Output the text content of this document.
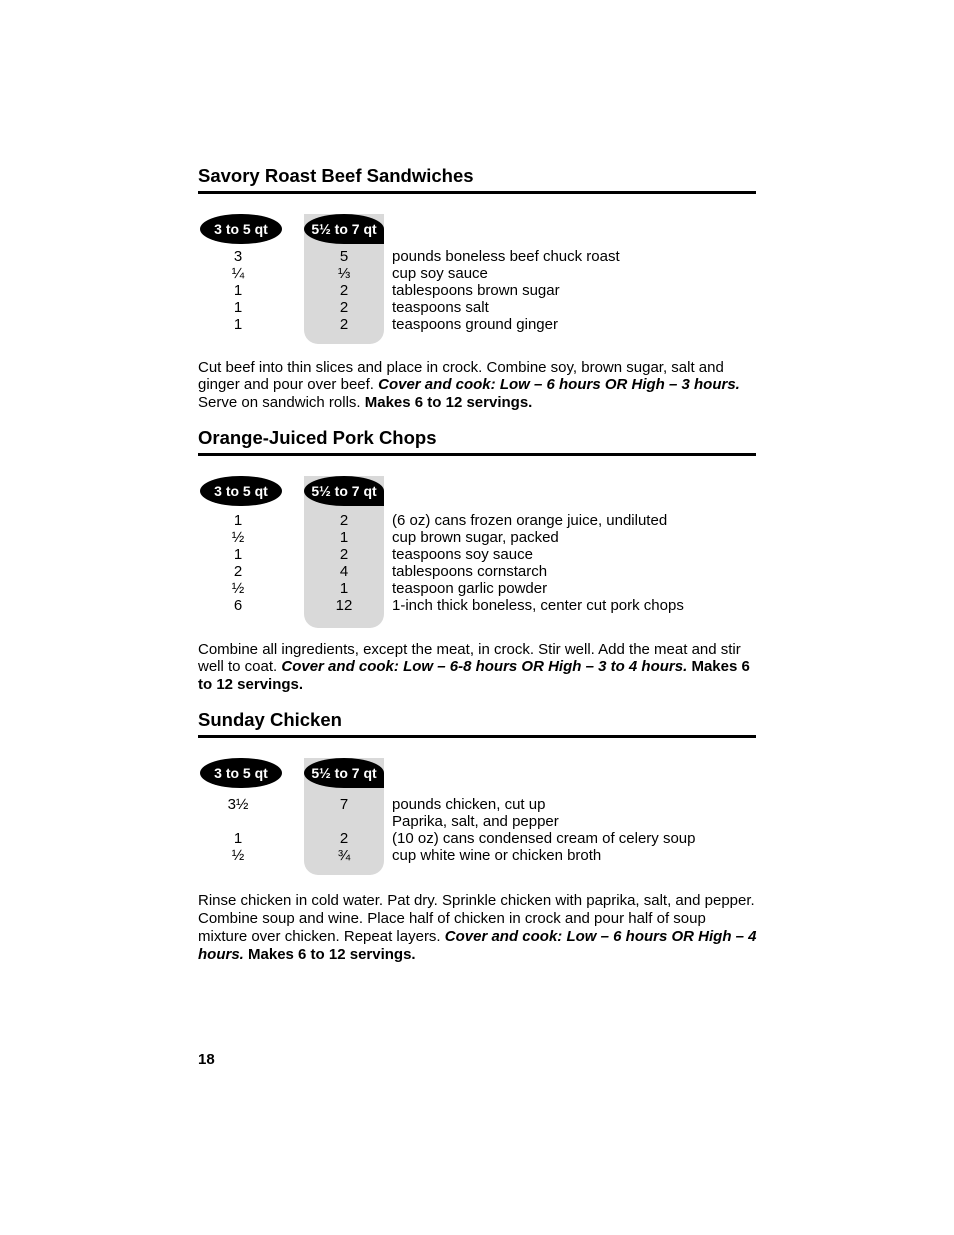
Savory Roast Beef Sandwiches
3 to 5 qt	5½ to 7 qt
3	5	pounds boneless beef chuck roast
¼	⅓	cup soy sauce
1	2	tablespoons brown sugar
1	2	teaspoons salt
1	2	teaspoons ground ginger
Cut beef into thin slices and place in crock. Combine soy, brown sugar, salt and ginger and pour over beef. Cover and cook: Low – 6 hours OR High – 3 hours. Serve on sandwich rolls. Makes 6 to 12 servings.
Orange-Juiced Pork Chops
3 to 5 qt	5½ to 7 qt
1	2	(6 oz) cans frozen orange juice, undiluted
½	1	cup brown sugar, packed
1	2	teaspoons soy sauce
2	4	tablespoons cornstarch
½	1	teaspoon garlic powder
6	12	1-inch thick boneless, center cut pork chops
Combine all ingredients, except the meat, in crock. Stir well. Add the meat and stir well to coat. Cover and cook: Low – 6-8 hours OR High – 3 to 4 hours. Makes 6 to 12 servings.
Sunday Chicken
3 to 5 qt	5½ to 7 qt
3½	7	pounds chicken, cut up
Paprika, salt, and pepper
1	2	(10 oz) cans condensed cream of celery soup
½	¾	cup white wine or chicken broth
Rinse chicken in cold water. Pat dry. Sprinkle chicken with paprika, salt, and pepper. Combine soup and wine. Place half of chicken in crock and pour half of soup mixture over chicken. Repeat layers. Cover and cook: Low – 6 hours OR High – 4 hours. Makes 6 to 12 servings.
18
